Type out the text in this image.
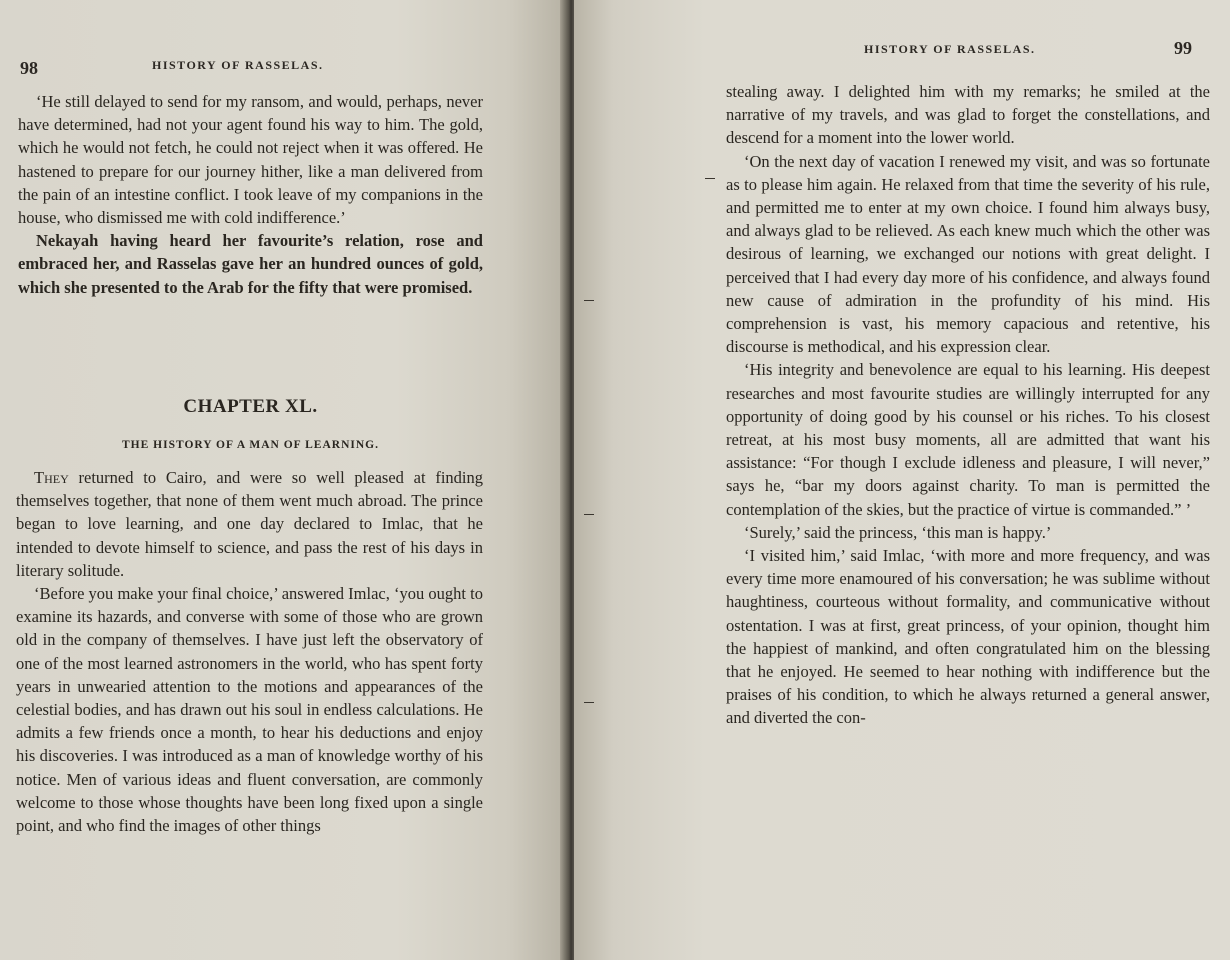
98	HISTORY OF RASSELAS.

‘He still delayed to send for my ransom, and would, perhaps, never have determined, had not your agent found his way to him. The gold, which he would not fetch, he could not reject when it was offered. He hastened to prepare for our journey hither, like a man delivered from the pain of an intestine conflict. I took leave of my companions in the house, who dismissed me with cold indifference.’

Nekayah having heard her favourite’s relation, rose and embraced her, and Rasselas gave her an hundred ounces of gold, which she presented to the Arab for the fifty that were promised.

CHAPTER XL.
THE HISTORY OF A MAN OF LEARNING.

They returned to Cairo, and were so well pleased at finding themselves together, that none of them went much abroad. The prince began to love learning, and one day declared to Imlac, that he intended to devote himself to science, and pass the rest of his days in literary solitude.

‘Before you make your final choice,’ answered Imlac, ‘you ought to examine its hazards, and converse with some of those who are grown old in the company of themselves. I have just left the observatory of one of the most learned astronomers in the world, who has spent forty years in unwearied attention to the motions and appearances of the celestial bodies, and has drawn out his soul in endless calculations. He admits a few friends once a month, to hear his deductions and enjoy his discoveries. I was introduced as a man of knowledge worthy of his notice. Men of various ideas and fluent conversation, are commonly welcome to those whose thoughts have been long fixed upon a single point, and who find the images of other things

HISTORY OF RASSELAS.	99

stealing away. I delighted him with my remarks; he smiled at the narrative of my travels, and was glad to forget the constellations, and descend for a moment into the lower world.

‘On the next day of vacation I renewed my visit, and was so fortunate as to please him again. He relaxed from that time the severity of his rule, and permitted me to enter at my own choice. I found him always busy, and always glad to be relieved. As each knew much which the other was desirous of learning, we exchanged our notions with great delight. I perceived that I had every day more of his confidence, and always found new cause of admiration in the profundity of his mind. His comprehension is vast, his memory capacious and retentive, his discourse is methodical, and his expression clear.

‘His integrity and benevolence are equal to his learning. His deepest researches and most favourite studies are willingly interrupted for any opportunity of doing good by his counsel or his riches. To his closest retreat, at his most busy moments, all are admitted that want his assistance: “For though I exclude idleness and pleasure, I will never,” says he, “bar my doors against charity. To man is permitted the contemplation of the skies, but the practice of virtue is commanded.” ’

‘Surely,’ said the princess, ‘this man is happy.’

‘I visited him,’ said Imlac, ‘with more and more frequency, and was every time more enamoured of his conversation; he was sublime without haughtiness, courteous without formality, and communicative without ostentation. I was at first, great princess, of your opinion, thought him the happiest of mankind, and often congratulated him on the blessing that he enjoyed. He seemed to hear nothing with indifference but the praises of his condition, to which he always returned a general answer, and diverted the con-
